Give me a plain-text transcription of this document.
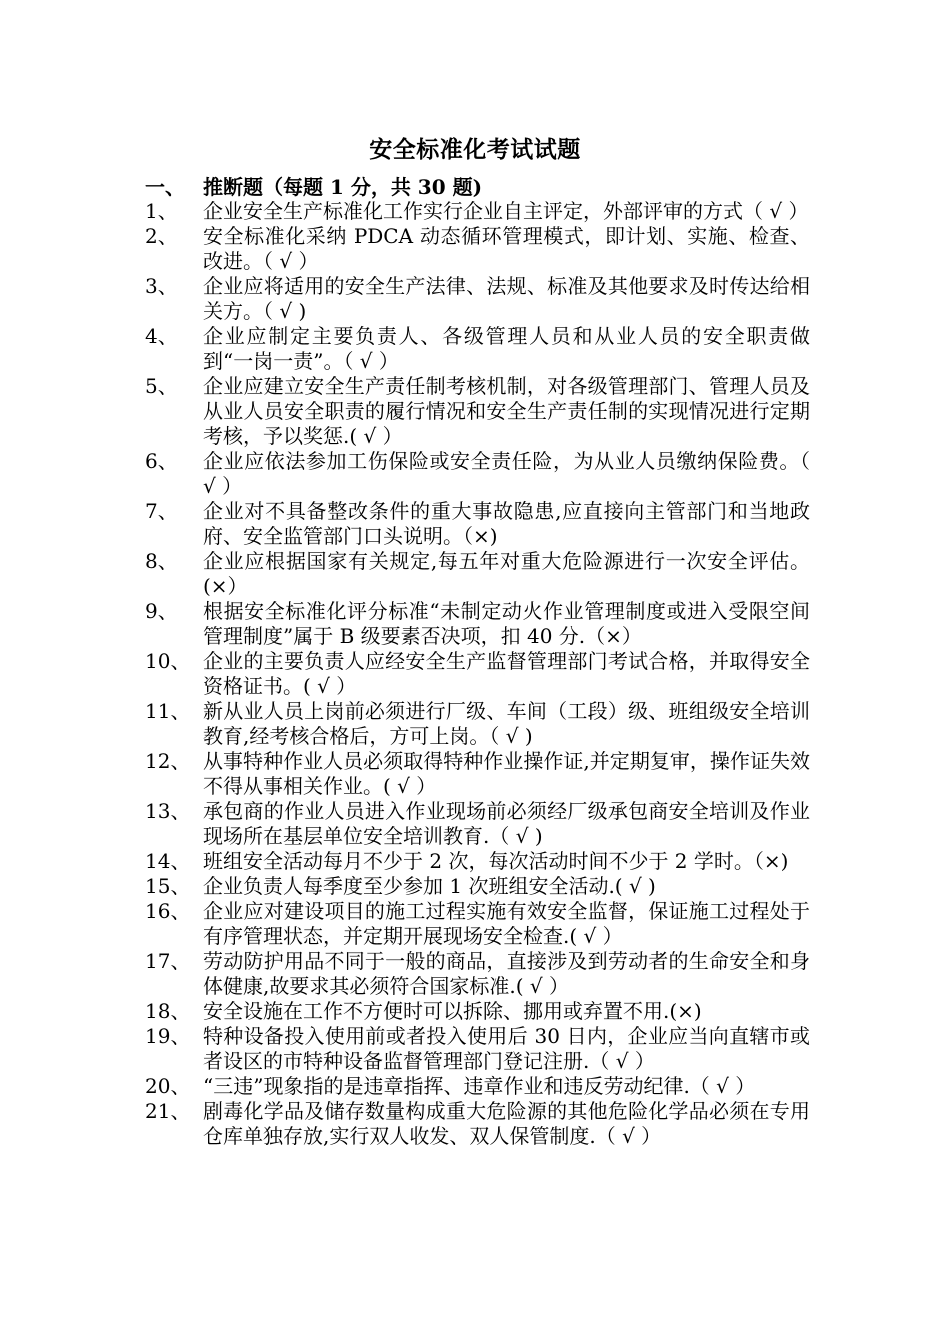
安全标准化考试试题
一、 推断题（每题 1 分，共 30 题)
1、	企业安全生产标准化工作实行企业自主评定，外部评审的方式（ √ ）
2、	安全标准化采纳 PDCA 动态循环管理模式，即计划、实施、检查、改进。（ √ ）
3、	企业应将适用的安全生产法律、法规、标准及其他要求及时传达给相关方。（ √ )
4、	企业应制定主要负责人、各级管理人员和从业人员的安全职责做到“一岗一责”。（ √ ）
5、	企业应建立安全生产责任制考核机制，对各级管理部门、管理人员及从业人员安全职责的履行情况和安全生产责任制的实现情况进行定期考核，予以奖惩.( √ ）
6、	企业应依法参加工伤保险或安全责任险，为从业人员缴纳保险费。（ √ ）
7、	企业对不具备整改条件的重大事故隐患,应直接向主管部门和当地政府、安全监管部门口头说明。（×)
8、	企业应根据国家有关规定,每五年对重大危险源进行一次安全评估。(×）
9、	根据安全标准化评分标准“未制定动火作业管理制度或进入受限空间管理制度”属于 B 级要素否决项，扣 40 分.（×）
10、 企业的主要负责人应经安全生产监督管理部门考试合格，并取得安全资格证书。( √ ）
11、 新从业人员上岗前必须进行厂级、车间（工段）级、班组级安全培训教育,经考核合格后，方可上岗。（ √ )
12、 从事特种作业人员必须取得特种作业操作证,并定期复审，操作证失效不得从事相关作业。( √ ）
13、 承包商的作业人员进入作业现场前必须经厂级承包商安全培训及作业现场所在基层单位安全培训教育.（ √ )
14、 班组安全活动每月不少于 2 次，每次活动时间不少于 2 学时。（×)
15、 企业负责人每季度至少参加 1 次班组安全活动.( √ )
16、 企业应对建设项目的施工过程实施有效安全监督，保证施工过程处于有序管理状态，并定期开展现场安全检查.( √ ）
17、 劳动防护用品不同于一般的商品，直接涉及到劳动者的生命安全和身体健康,故要求其必须符合国家标准.( √ ）
18、 安全设施在工作不方便时可以拆除、挪用或弃置不用.(×)
19、 特种设备投入使用前或者投入使用后 30 日内，企业应当向直辖市或者设区的市特种设备监督管理部门登记注册.（ √ ）
20、 “三违”现象指的是违章指挥、违章作业和违反劳动纪律.（ √ ）
21、 剧毒化学品及储存数量构成重大危险源的其他危险化学品必须在专用仓库单独存放,实行双人收发、双人保管制度.（ √ ）
